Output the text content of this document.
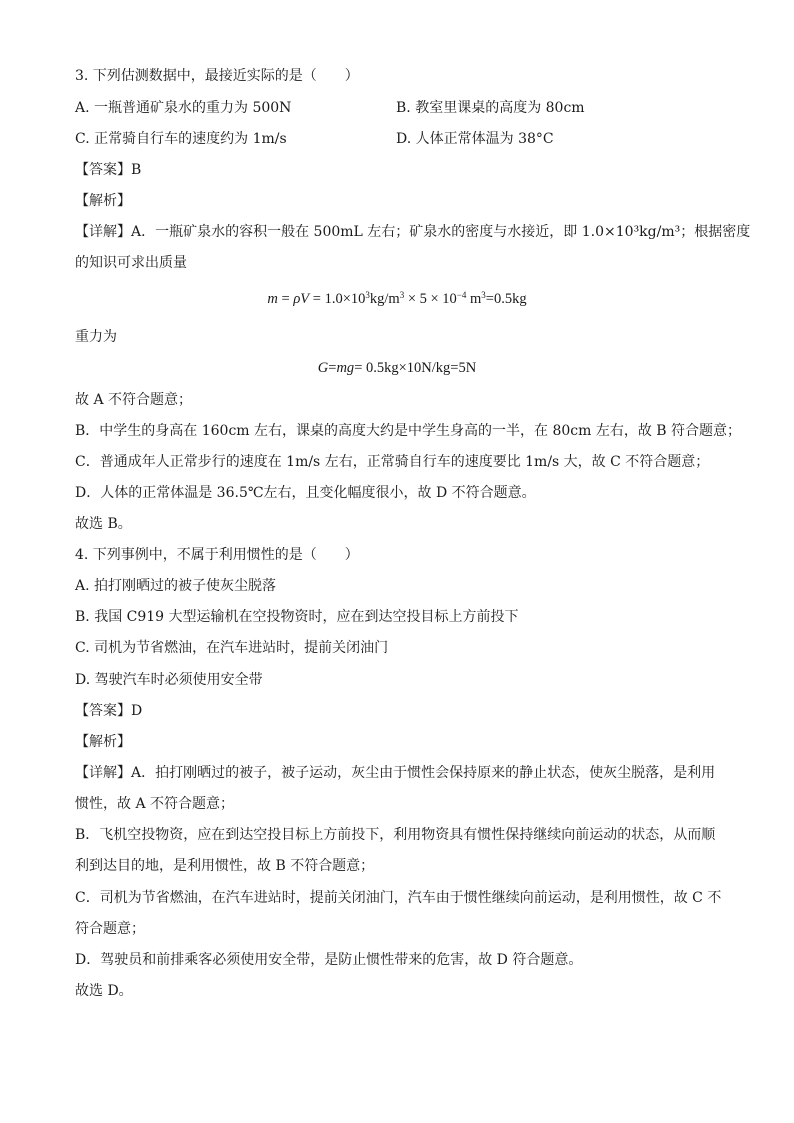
3. 下列估测数据中，最接近实际的是（　　）
A. 一瓶普通矿泉水的重力为 500N	B. 教室里课桌的高度为 80cm
C. 正常骑自行车的速度约为 1m/s	D. 人体正常体温为 38°C
【答案】B
【解析】
【详解】A．一瓶矿泉水的容积一般在 500mL 左右；矿泉水的密度与水接近，即 1.0×10³kg/m³；根据密度
的知识可求出质量
$m = \rho V = 1.0\times 10^3kg/m^3 \times 5 \times 10^{-4}$ $m^3=0.5kg$
重力为
G=mg= 0.5kg×10N/kg=5N
故 A 不符合题意；
B．中学生的身高在 160cm 左右，课桌的高度大约是中学生身高的一半，在 80cm 左右，故 B 符合题意；
C．普通成年人正常步行的速度在 1m/s 左右，正常骑自行车的速度要比 1m/s 大，故 C 不符合题意；
D．人体的正常体温是 36.5℃左右，且变化幅度很小，故 D 不符合题意。
故选 B。
4. 下列事例中，不属于利用惯性的是（　　）
A. 拍打刚晒过的被子使灰尘脱落
B. 我国 C919 大型运输机在空投物资时，应在到达空投目标上方前投下
C. 司机为节省燃油，在汽车进站时，提前关闭油门
D. 驾驶汽车时必须使用安全带
【答案】D
【解析】
【详解】A．拍打刚晒过的被子，被子运动，灰尘由于惯性会保持原来的静止状态，使灰尘脱落，是利用
惯性，故 A 不符合题意；
B．飞机空投物资，应在到达空投目标上方前投下，利用物资具有惯性保持继续向前运动的状态，从而顺
利到达目的地，是利用惯性，故 B 不符合题意；
C．司机为节省燃油，在汽车进站时，提前关闭油门，汽车由于惯性继续向前运动，是利用惯性，故 C 不
符合题意；
D．驾驶员和前排乘客必须使用安全带，是防止惯性带来的危害，故 D 符合题意。
故选 D。
